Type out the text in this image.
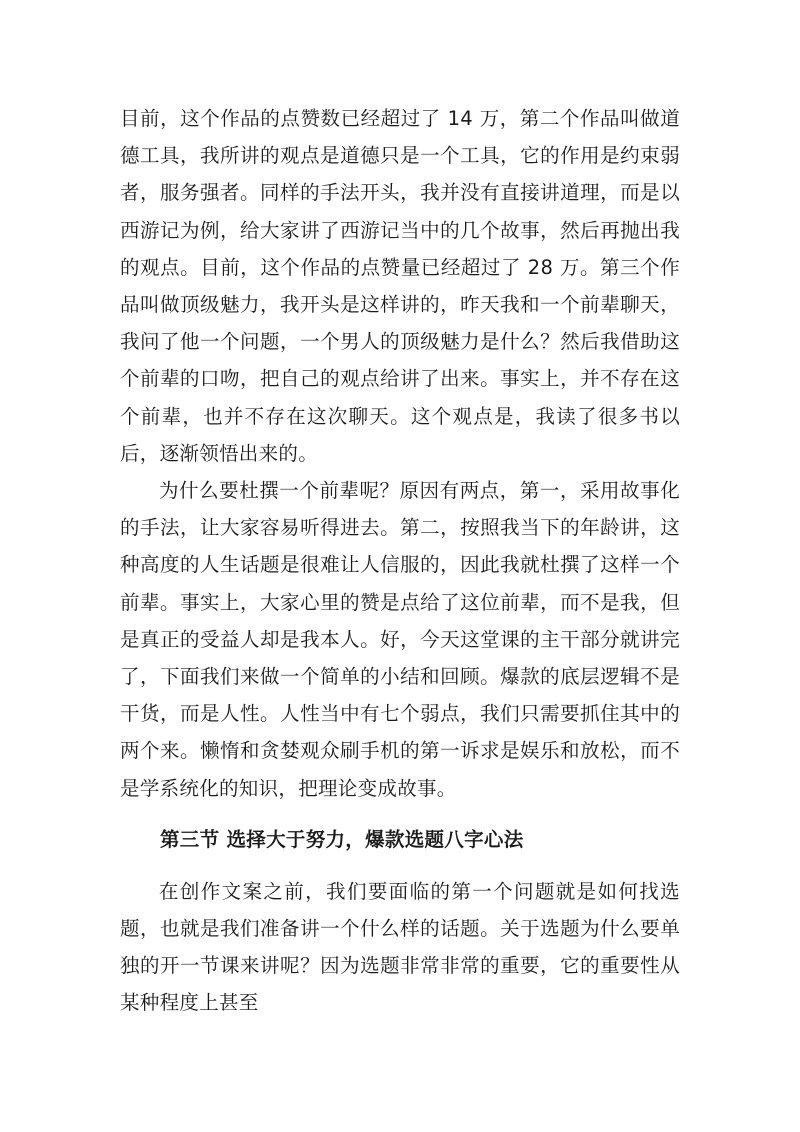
目前，这个作品的点赞数已经超过了 14 万，第二个作品叫做道德工具，我所讲的观点是道德只是一个工具，它的作用是约束弱者，服务强者。同样的手法开头，我并没有直接讲道理，而是以西游记为例，给大家讲了西游记当中的几个故事，然后再抛出我的观点。目前，这个作品的点赞量已经超过了 28 万。第三个作品叫做顶级魅力，我开头是这样讲的，昨天我和一个前辈聊天，我问了他一个问题，一个男人的顶级魅力是什么？然后我借助这个前辈的口吻，把自己的观点给讲了出来。事实上，并不存在这个前辈，也并不存在这次聊天。这个观点是，我读了很多书以后，逐渐领悟出来的。

为什么要杜撰一个前辈呢？原因有两点，第一，采用故事化的手法，让大家容易听得进去。第二，按照我当下的年龄讲，这种高度的人生话题是很难让人信服的，因此我就杜撰了这样一个前辈。事实上，大家心里的赞是点给了这位前辈，而不是我，但是真正的受益人却是我本人。好，今天这堂课的主干部分就讲完了，下面我们来做一个简单的小结和回顾。爆款的底层逻辑不是干货，而是人性。人性当中有七个弱点，我们只需要抓住其中的两个来。懒惰和贪婪观众刷手机的第一诉求是娱乐和放松，而不是学系统化的知识，把理论变成故事。

第三节 选择大于努力，爆款选题八字心法

在创作文案之前，我们要面临的第一个问题就是如何找选题，也就是我们准备讲一个什么样的话题。关于选题为什么要单独的开一节课来讲呢？因为选题非常非常的重要，它的重要性从某种程度上甚至
